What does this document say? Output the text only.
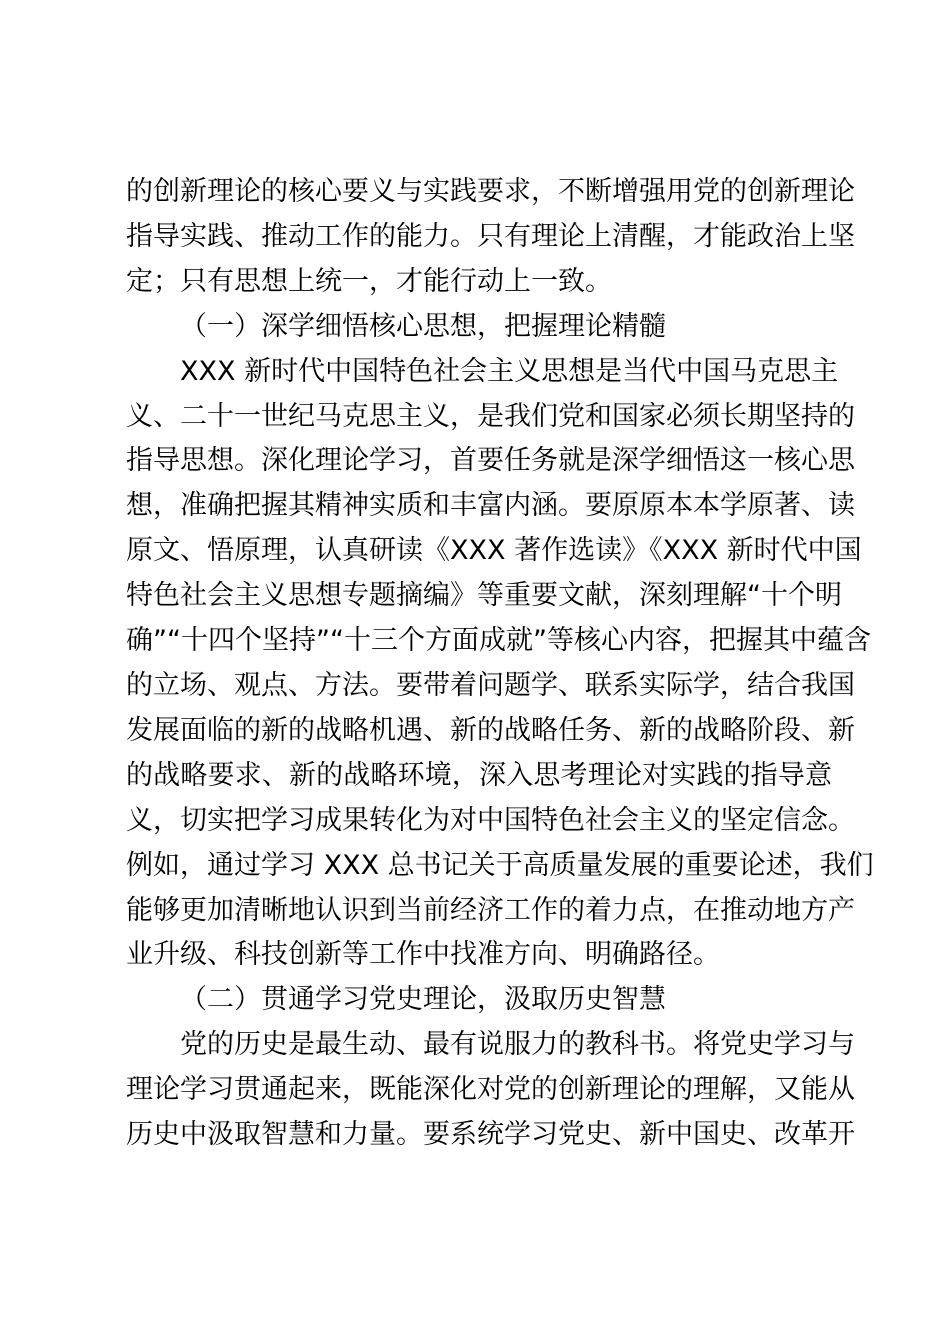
的创新理论的核心要义与实践要求，不断增强用党的创新理论
指导实践、推动工作的能力。只有理论上清醒，才能政治上坚
定；只有思想上统一，才能行动上一致。
（一）深学细悟核心思想，把握理论精髓
XXX 新时代中国特色社会主义思想是当代中国马克思主
义、二十一世纪马克思主义，是我们党和国家必须长期坚持的
指导思想。深化理论学习，首要任务就是深学细悟这一核心思
想，准确把握其精神实质和丰富内涵。要原原本本学原著、读
原文、悟原理，认真研读《XXX 著作选读》《XXX 新时代中国
特色社会主义思想专题摘编》等重要文献，深刻理解“十个明
确”“十四个坚持”“十三个方面成就”等核心内容，把握其中蕴含
的立场、观点、方法。要带着问题学、联系实际学，结合我国
发展面临的新的战略机遇、新的战略任务、新的战略阶段、新
的战略要求、新的战略环境，深入思考理论对实践的指导意
义，切实把学习成果转化为对中国特色社会主义的坚定信念。
例如，通过学习 XXX 总书记关于高质量发展的重要论述，我们
能够更加清晰地认识到当前经济工作的着力点，在推动地方产
业升级、科技创新等工作中找准方向、明确路径。
（二）贯通学习党史理论，汲取历史智慧
党的历史是最生动、最有说服力的教科书。将党史学习与
理论学习贯通起来，既能深化对党的创新理论的理解，又能从
历史中汲取智慧和力量。要系统学习党史、新中国史、改革开
